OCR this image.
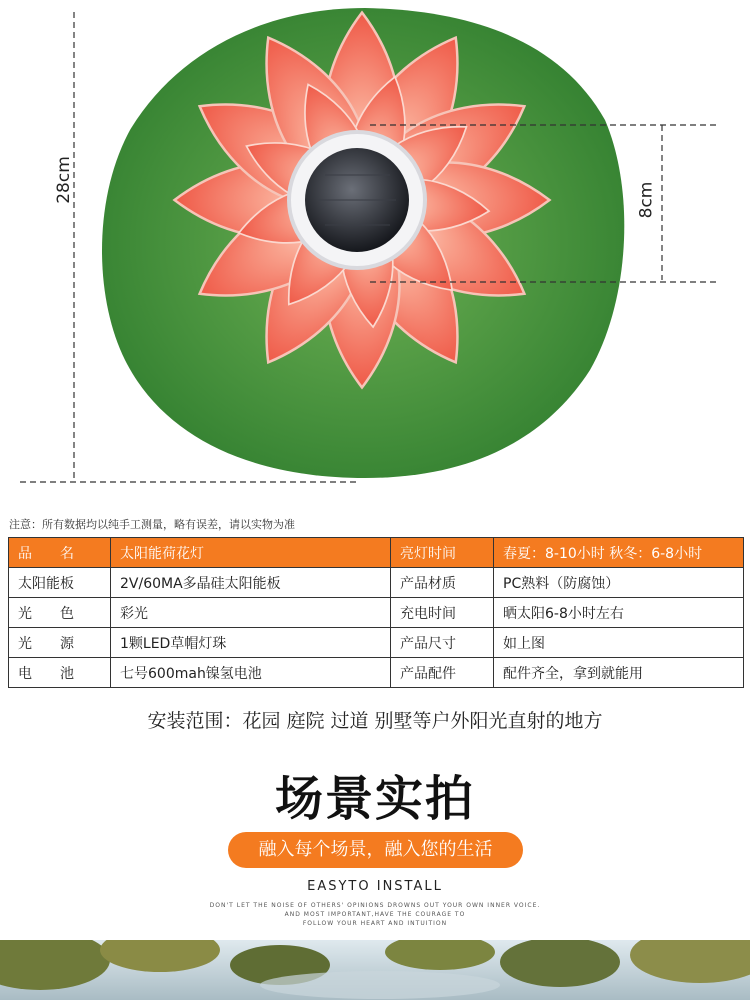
28cm	8cm
注意：所有数据均以纯手工测量，略有误差，请以实物为准
品　　名	太阳能荷花灯	亮灯时间	春夏：8-10小时 秋冬：6-8小时
太阳能板	2V/60MA多晶硅太阳能板	产品材质	PC熟料（防腐蚀）
光　　色	彩光	充电时间	晒太阳6-8小时左右
光　　源	1颗LED草帽灯珠	产品尺寸	如上图
电　　池	七号600mah镍氢电池	产品配件	配件齐全，拿到就能用
安装范围：花园 庭院 过道 别墅等户外阳光直射的地方
场景实拍
融入每个场景，融入您的生活
EASYTO INSTALL
DON'T LET THE NOISE OF OTHERS' OPINIONS DROWNS OUT YOUR OWN INNER VOICE.
AND MOST IMPORTANT,HAVE THE COURAGE TO
FOLLOW YOUR HEART AND INTUITION
